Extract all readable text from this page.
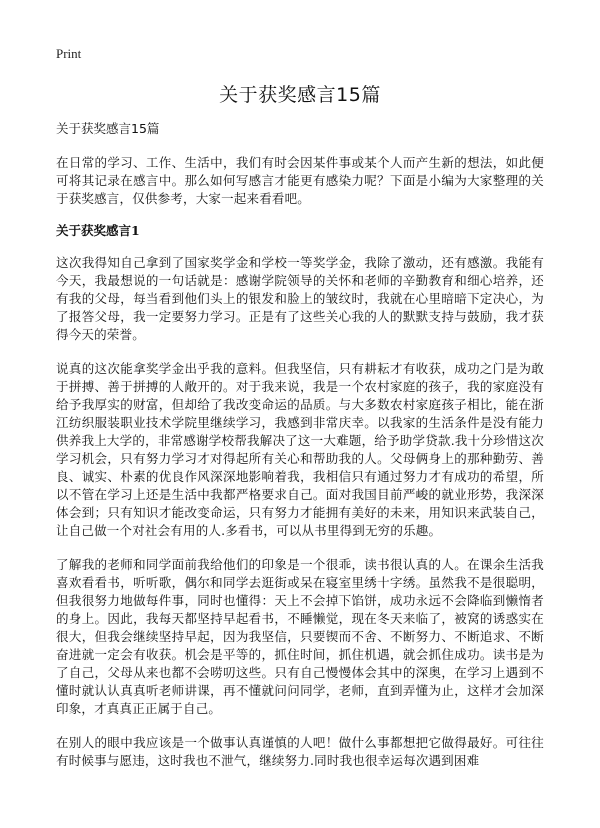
Print
关于获奖感言15篇

关于获奖感言15篇

在日常的学习、工作、生活中，我们有时会因某件事或某个人而产生新的想法，如此便可将其记录在感言中。那么如何写感言才能更有感染力呢？下面是小编为大家整理的关于获奖感言，仅供参考，大家一起来看看吧。

关于获奖感言1

这次我得知自己拿到了国家奖学金和学校一等奖学金，我除了激动，还有感激。我能有今天，我最想说的一句话就是：感谢学院领导的关怀和老师的辛勤教育和细心培养，还有我的父母，每当看到他们头上的银发和脸上的皱纹时，我就在心里暗暗下定决心，为了报答父母，我一定要努力学习。正是有了这些关心我的人的默默支持与鼓励，我才获得今天的荣誉。

说真的这次能拿奖学金出乎我的意料。但我坚信，只有耕耘才有收获，成功之门是为敢于拼搏、善于拼搏的人敞开的。对于我来说，我是一个农村家庭的孩子，我的家庭没有给予我厚实的财富，但却给了我改变命运的品质。与大多数农村家庭孩子相比，能在浙江纺织服装职业技术学院里继续学习，我感到非常庆幸。以我家的生活条件是没有能力供养我上大学的，非常感谢学校帮我解决了这一大难题，给予助学贷款.我十分珍惜这次学习机会，只有努力学习才对得起所有关心和帮助我的人。父母俩身上的那种勤劳、善良、诚实、朴素的优良作风深深地影响着我，我相信只有通过努力才有成功的希望，所以不管在学习上还是生活中我都严格要求自己。面对我国目前严峻的就业形势，我深深体会到；只有知识才能改变命运，只有努力才能拥有美好的未来，用知识来武装自己，让自己做一个对社会有用的人.多看书，可以从书里得到无穷的乐趣。

了解我的老师和同学面前我给他们的印象是一个很乖，读书很认真的人。在课余生活我喜欢看看书，听听歌，偶尔和同学去逛街或呆在寝室里绣十字绣。虽然我不是很聪明，但我很努力地做每件事，同时也懂得：天上不会掉下馅饼，成功永远不会降临到懒惰者的身上。因此，我每天都坚持早起看书，不睡懒觉，现在冬天来临了，被窝的诱惑实在很大，但我会继续坚持早起，因为我坚信，只要锲而不舍、不断努力、不断追求、不断奋进就一定会有收获。机会是平等的，抓住时间，抓住机遇，就会抓住成功。读书是为了自己，父母从来也都不会唠叨这些。只有自己慢慢体会其中的深奥，在学习上遇到不懂时就认认真真听老师讲课，再不懂就问问同学，老师，直到弄懂为止，这样才会加深印象，才真真正正属于自己。

在别人的眼中我应该是一个做事认真谨慎的人吧！做什么事都想把它做得最好。可往往有时候事与愿违，这时我也不泄气，继续努力.同时我也很幸运每次遇到困难
